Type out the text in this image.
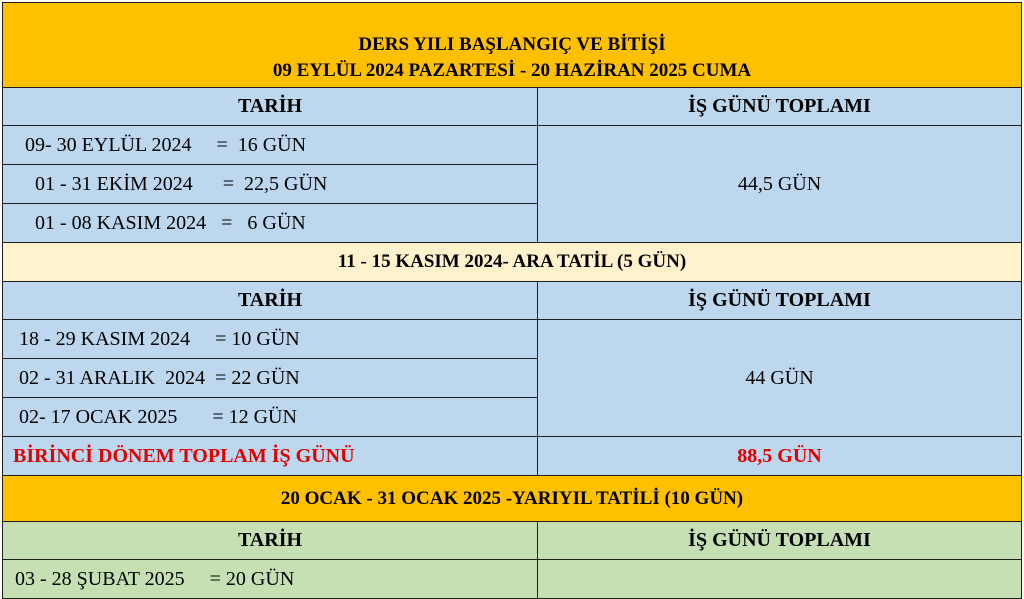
DERS YILI BAŞLANGIÇ VE BİTİŞİ
09 EYLÜL 2024 PAZARTESİ - 20 HAZİRAN 2025 CUMA
TARİH	İŞ GÜNÜ TOPLAMI
09- 30 EYLÜL 2024     =  16 GÜN
01 - 31 EKİM 2024      =  22,5 GÜN
01 - 08 KASIM 2024   =   6 GÜN
44,5 GÜN
11 - 15 KASIM 2024- ARA TATİL (5 GÜN)
TARİH	İŞ GÜNÜ TOPLAMI
18 - 29 KASIM 2024     = 10 GÜN
02 - 31 ARALIK  2024  = 22 GÜN
02- 17 OCAK 2025       = 12 GÜN
44 GÜN
BİRİNCİ DÖNEM TOPLAM İŞ GÜNÜ	88,5 GÜN
20 OCAK - 31 OCAK 2025 -YARIYIL TATİLİ (10 GÜN)
TARİH	İŞ GÜNÜ TOPLAMI
03 - 28 ŞUBAT 2025     = 20 GÜN
